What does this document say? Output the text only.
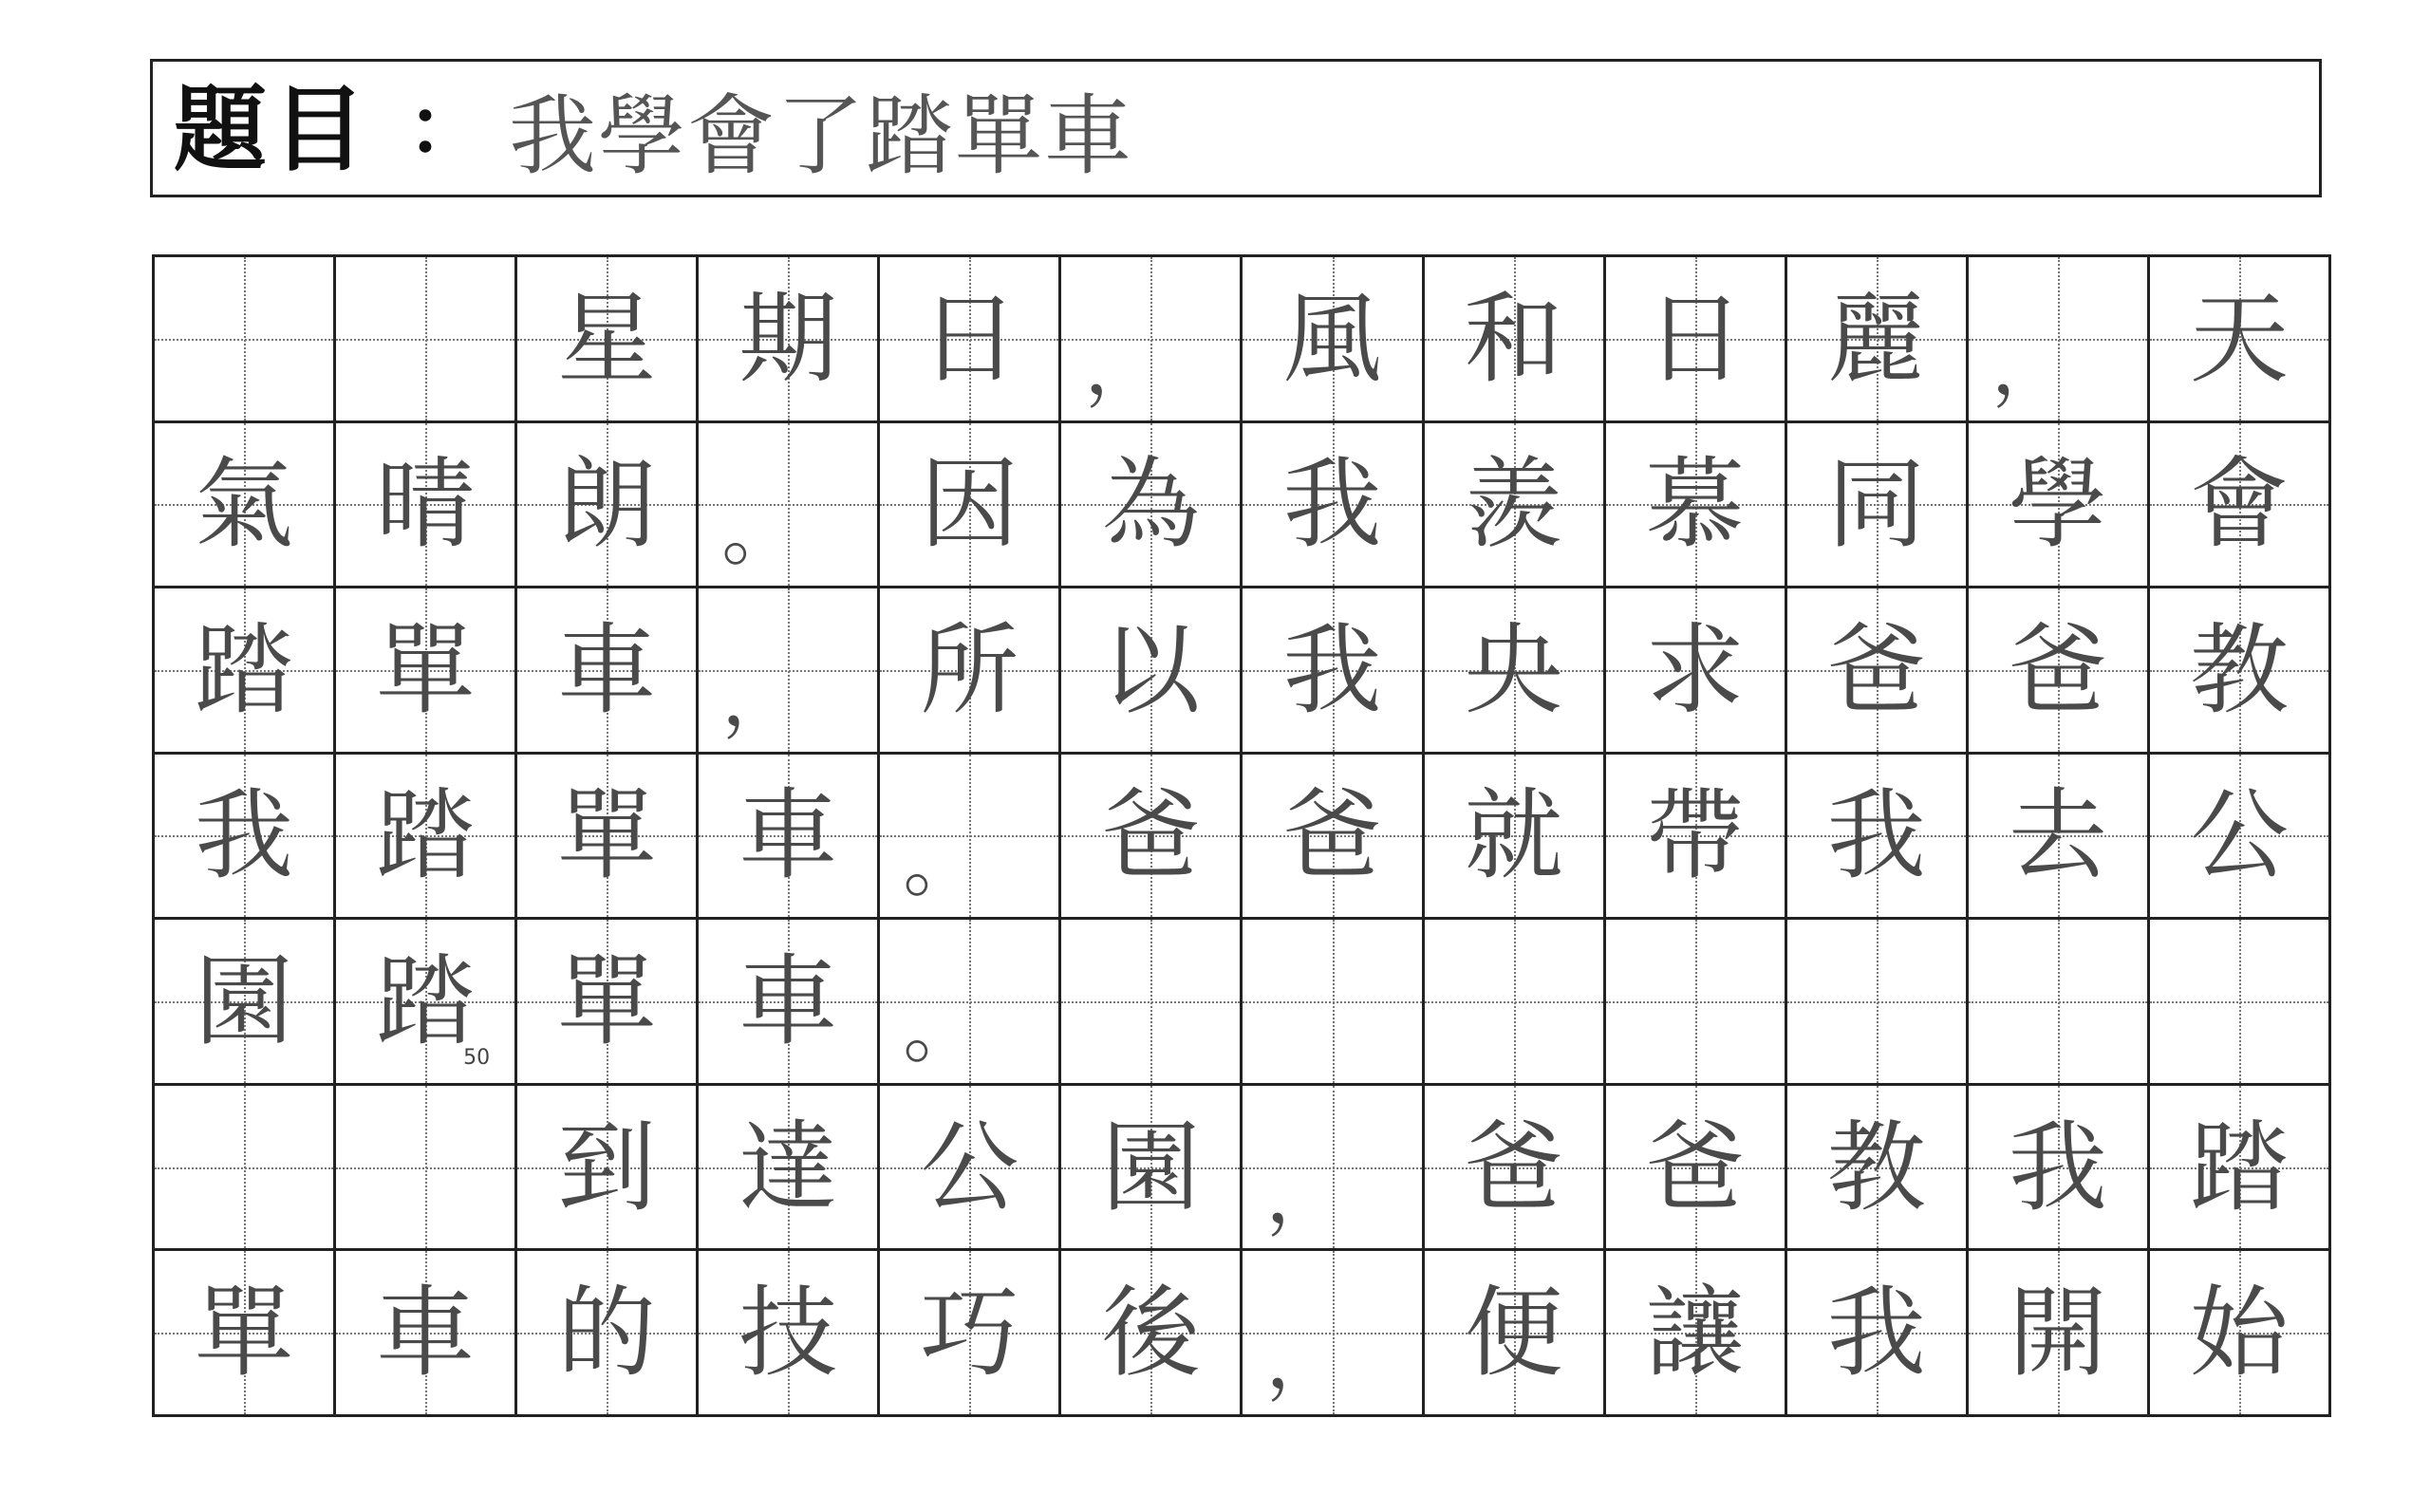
題目 ： 我學會了踏單車
星 期 日 ， 風 和 日 麗 ， 天
氣 晴 朗 。 因 為 我 羨 慕 同 學 會
踏 單 車 ， 所 以 我 央 求 爸 爸 教
我 踏 單 車 。 爸 爸 就 帶 我 去 公
園 踏
50 單 車 。
到 達 公 園 ， 爸 爸 教 我 踏
單 車 的 技 巧 後 ， 便 讓 我 開 始
